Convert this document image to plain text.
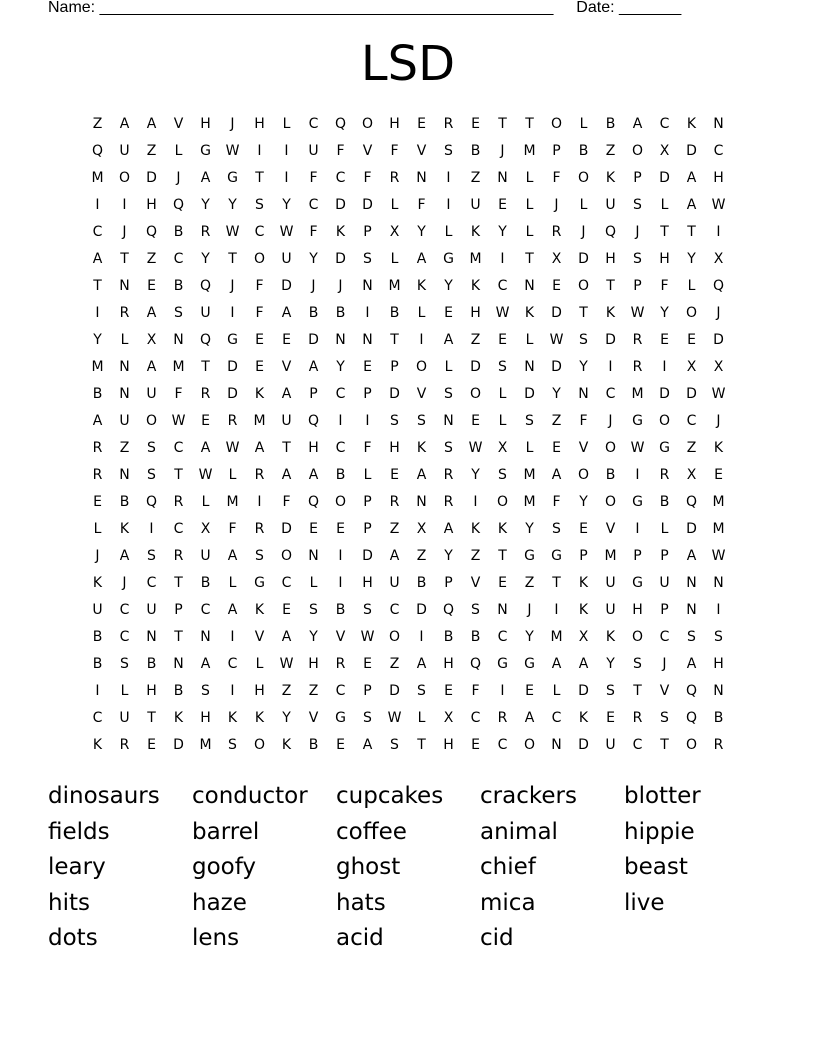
Name: ___________________________________________________ Date: _______
LSD
Z	A	A	V	H	J	H	L	C	Q	O	H	E	R	E	T	T	O	L	B	A	C	K	N
Q	U	Z	L	G	W	I	I	U	F	V	F	V	S	B	J	M	P	B	Z	O	X	D	C
M	O	D	J	A	G	T	I	F	C	F	R	N	I	Z	N	L	F	O	K	P	D	A	H
I	I	H	Q	Y	Y	S	Y	C	D	D	L	F	I	U	E	L	J	L	U	S	L	A	W
C	J	Q	B	R	W	C	W	F	K	P	X	Y	L	K	Y	L	R	J	Q	J	T	T	I
A	T	Z	C	Y	T	O	U	Y	D	S	L	A	G	M	I	T	X	D	H	S	H	Y	X
T	N	E	B	Q	J	F	D	J	J	N	M	K	Y	K	C	N	E	O	T	P	F	L	Q
I	R	A	S	U	I	F	A	B	B	I	B	L	E	H	W	K	D	T	K	W	Y	O	J
Y	L	X	N	Q	G	E	E	D	N	N	T	I	A	Z	E	L	W	S	D	R	E	E	D
M	N	A	M	T	D	E	V	A	Y	E	P	O	L	D	S	N	D	Y	I	R	I	X	X
B	N	U	F	R	D	K	A	P	C	P	D	V	S	O	L	D	Y	N	C	M	D	D	W
A	U	O	W	E	R	M	U	Q	I	I	S	S	N	E	L	S	Z	F	J	G	O	C	J
R	Z	S	C	A	W	A	T	H	C	F	H	K	S	W	X	L	E	V	O	W	G	Z	K
R	N	S	T	W	L	R	A	A	B	L	E	A	R	Y	S	M	A	O	B	I	R	X	E
E	B	Q	R	L	M	I	F	Q	O	P	R	N	R	I	O	M	F	Y	O	G	B	Q	M
L	K	I	C	X	F	R	D	E	E	P	Z	X	A	K	K	Y	S	E	V	I	L	D	M
J	A	S	R	U	A	S	O	N	I	D	A	Z	Y	Z	T	G	G	P	M	P	P	A	W
K	J	C	T	B	L	G	C	L	I	H	U	B	P	V	E	Z	T	K	U	G	U	N	N
U	C	U	P	C	A	K	E	S	B	S	C	D	Q	S	N	J	I	K	U	H	P	N	I
B	C	N	T	N	I	V	A	Y	V	W	O	I	B	B	C	Y	M	X	K	O	C	S	S
B	S	B	N	A	C	L	W	H	R	E	Z	A	H	Q	G	G	A	A	Y	S	J	A	H
I	L	H	B	S	I	H	Z	Z	C	P	D	S	E	F	I	E	L	D	S	T	V	Q	N
C	U	T	K	H	K	K	Y	V	G	S	W	L	X	C	R	A	C	K	E	R	S	Q	B
K	R	E	D	M	S	O	K	B	E	A	S	T	H	E	C	O	N	D	U	C	T	O	R
dinosaurs	conductor	cupcakes	crackers	blotter
fields	barrel	coffee	animal	hippie
leary	goofy	ghost	chief	beast
hits	haze	hats	mica	live
dots	lens	acid	cid
